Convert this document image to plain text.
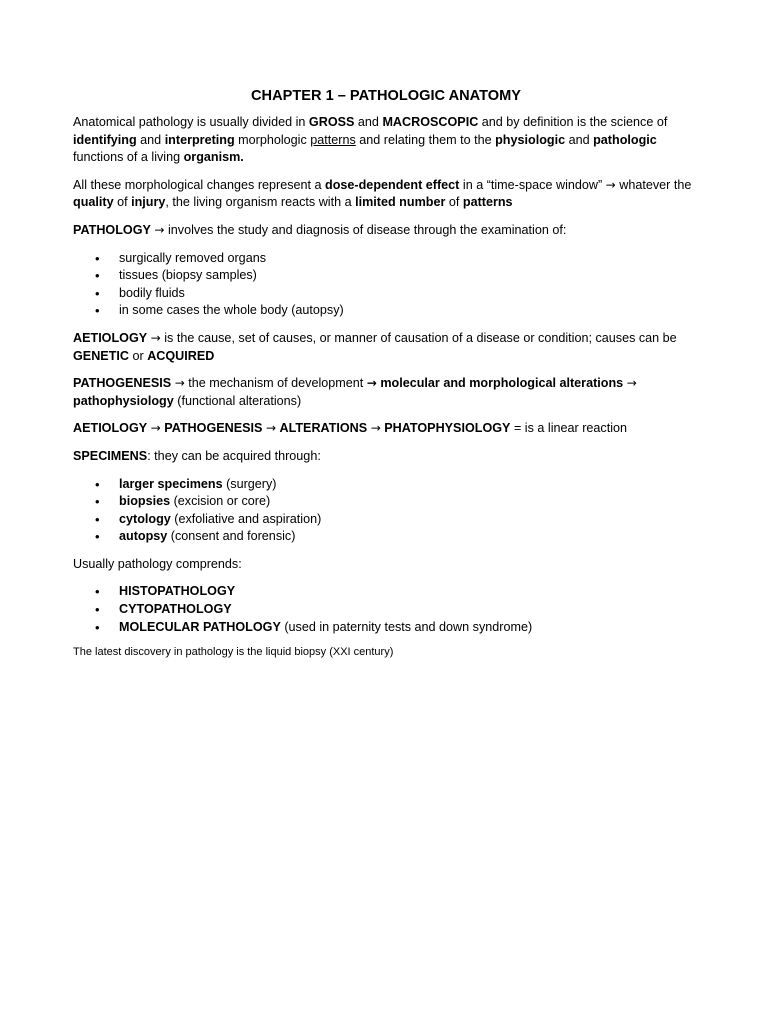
CHAPTER 1 – PATHOLOGIC ANATOMY

Anatomical pathology is usually divided in GROSS and MACROSCOPIC and by definition is the science of identifying and interpreting morphologic patterns and relating them to the physiologic and pathologic functions of a living organism.

All these morphological changes represent a dose-dependent effect in a “time-space window” → whatever the quality of injury, the living organism reacts with a limited number of patterns

PATHOLOGY → involves the study and diagnosis of disease through the examination of:

• surgically removed organs
• tissues (biopsy samples)
• bodily fluids
• in some cases the whole body (autopsy)

AETIOLOGY → is the cause, set of causes, or manner of causation of a disease or condition; causes can be GENETIC or ACQUIRED

PATHOGENESIS → the mechanism of development → molecular and morphological alterations → pathophysiology (functional alterations)

AETIOLOGY → PATHOGENESIS → ALTERATIONS → PHATOPHYSIOLOGY = is a linear reaction

SPECIMENS: they can be acquired through:

• larger specimens (surgery)
• biopsies (excision or core)
• cytology (exfoliative and aspiration)
• autopsy (consent and forensic)

Usually pathology comprends:

• HISTOPATHOLOGY
• CYTOPATHOLOGY
• MOLECULAR PATHOLOGY (used in paternity tests and down syndrome)

The latest discovery in pathology is the liquid biopsy (XXI century)
